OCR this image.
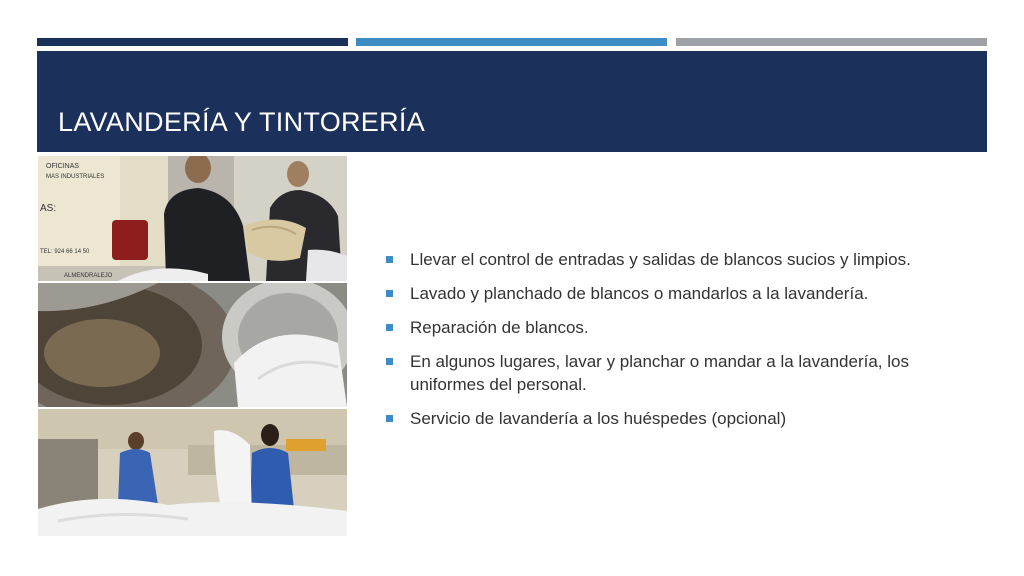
LAVANDERÍA Y TINTORERÍA
OFICINAS
MAS INDUSTRIALES
AS:
TEL: 924 66 14 50
ALMENDRALEJO
Llevar el control de entradas y salidas de blancos sucios y limpios.
Lavado y planchado de blancos o mandarlos a la lavandería.
Reparación de blancos.
En algunos lugares, lavar y planchar o mandar a la lavandería, los uniformes del personal.
Servicio de lavandería a los huéspedes (opcional)
